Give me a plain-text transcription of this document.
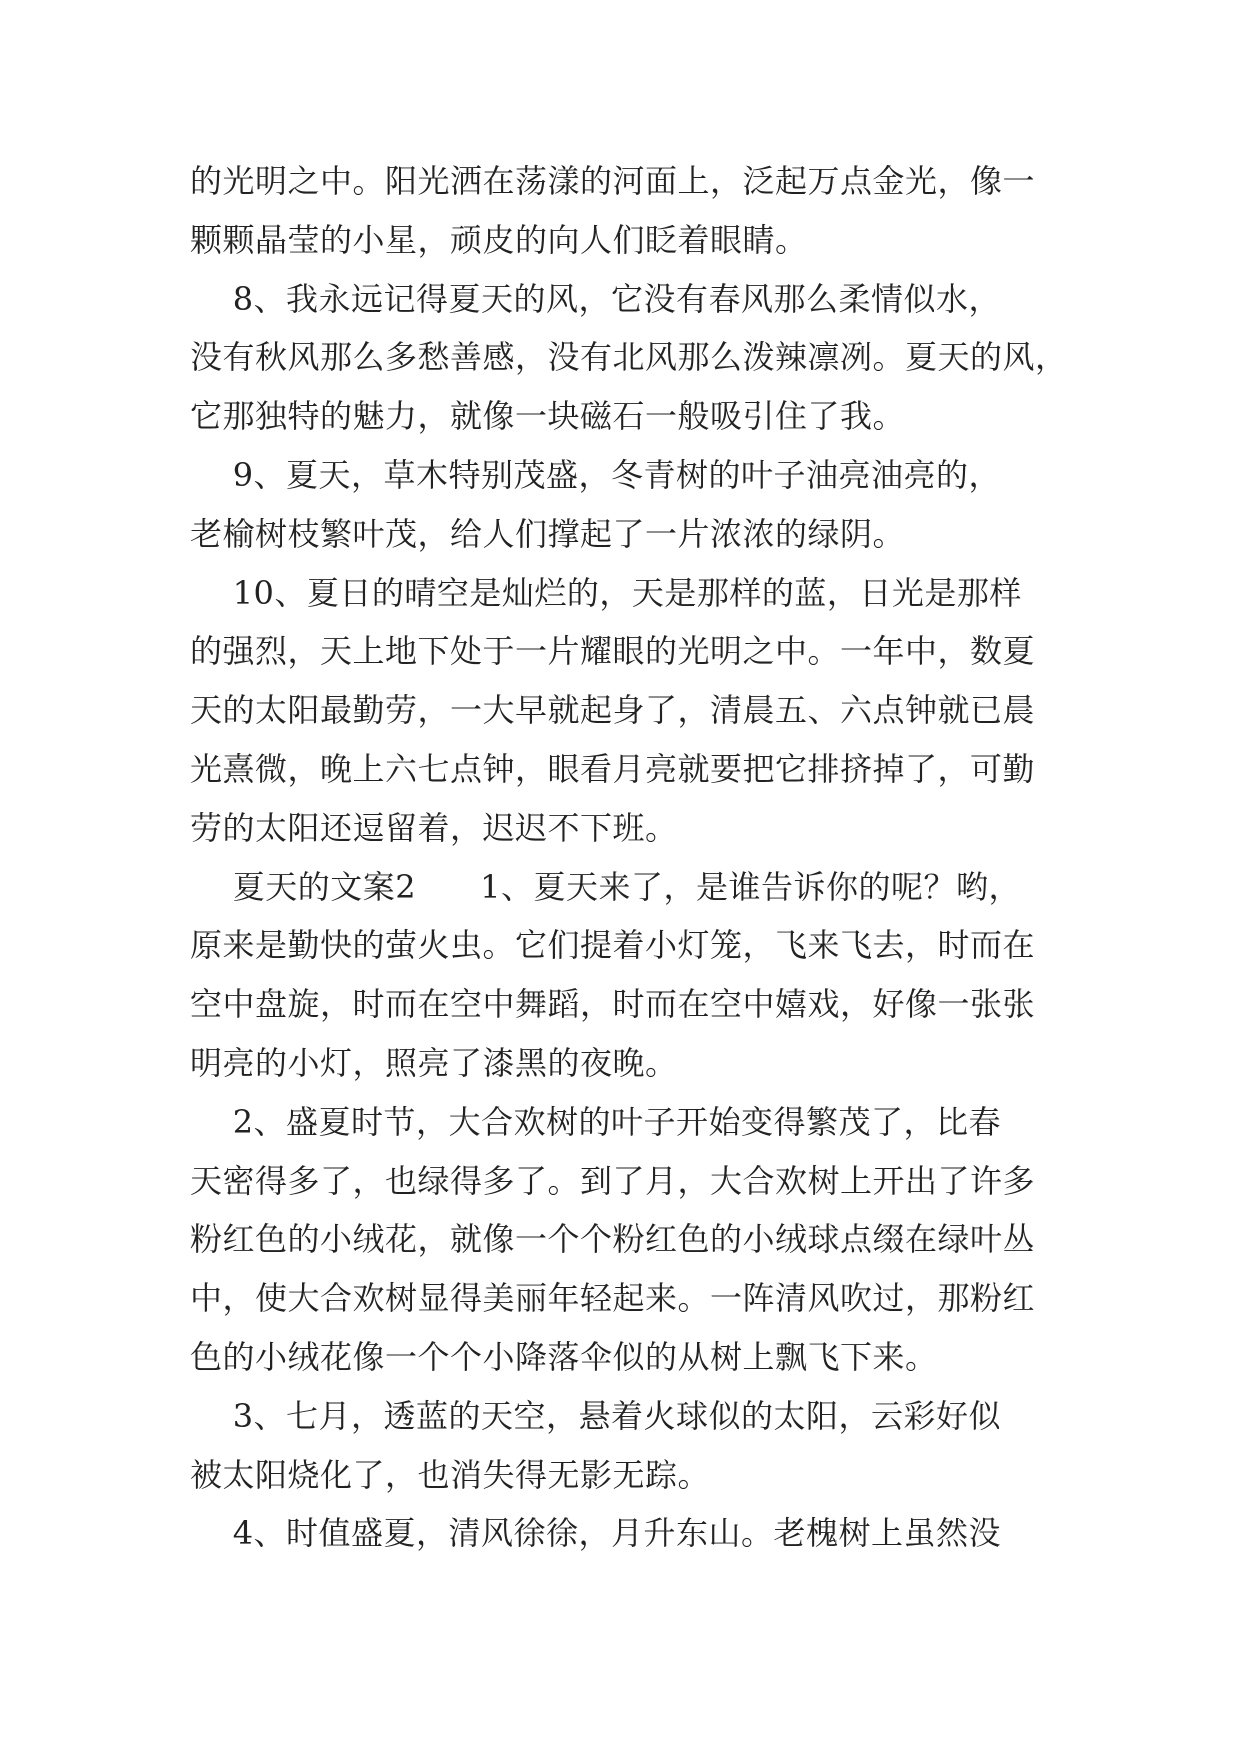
的光明之中。阳光洒在荡漾的河面上，泛起万点金光，像一
颗颗晶莹的小星，顽皮的向人们眨着眼睛。
8、我永远记得夏天的风，它没有春风那么柔情似水，
没有秋风那么多愁善感，没有北风那么泼辣凛冽。夏天的风，
它那独特的魅力，就像一块磁石一般吸引住了我。
9、夏天，草木特别茂盛，冬青树的叶子油亮油亮的，
老榆树枝繁叶茂，给人们撑起了一片浓浓的绿阴。
10、夏日的晴空是灿烂的，天是那样的蓝，日光是那样
的强烈，天上地下处于一片耀眼的光明之中。一年中，数夏
天的太阳最勤劳，一大早就起身了，清晨五、六点钟就已晨
光熹微，晚上六七点钟，眼看月亮就要把它排挤掉了，可勤
劳的太阳还逗留着，迟迟不下班。
夏天的文案2      1、夏天来了，是谁告诉你的呢？哟，
原来是勤快的萤火虫。它们提着小灯笼，飞来飞去，时而在
空中盘旋，时而在空中舞蹈，时而在空中嬉戏，好像一张张
明亮的小灯，照亮了漆黑的夜晚。
2、盛夏时节，大合欢树的叶子开始变得繁茂了，比春
天密得多了，也绿得多了。到了月，大合欢树上开出了许多
粉红色的小绒花，就像一个个粉红色的小绒球点缀在绿叶丛
中，使大合欢树显得美丽年轻起来。一阵清风吹过，那粉红
色的小绒花像一个个小降落伞似的从树上飘飞下来。
3、七月，透蓝的天空，悬着火球似的太阳，云彩好似
被太阳烧化了，也消失得无影无踪。
4、时值盛夏，清风徐徐，月升东山。老槐树上虽然没
